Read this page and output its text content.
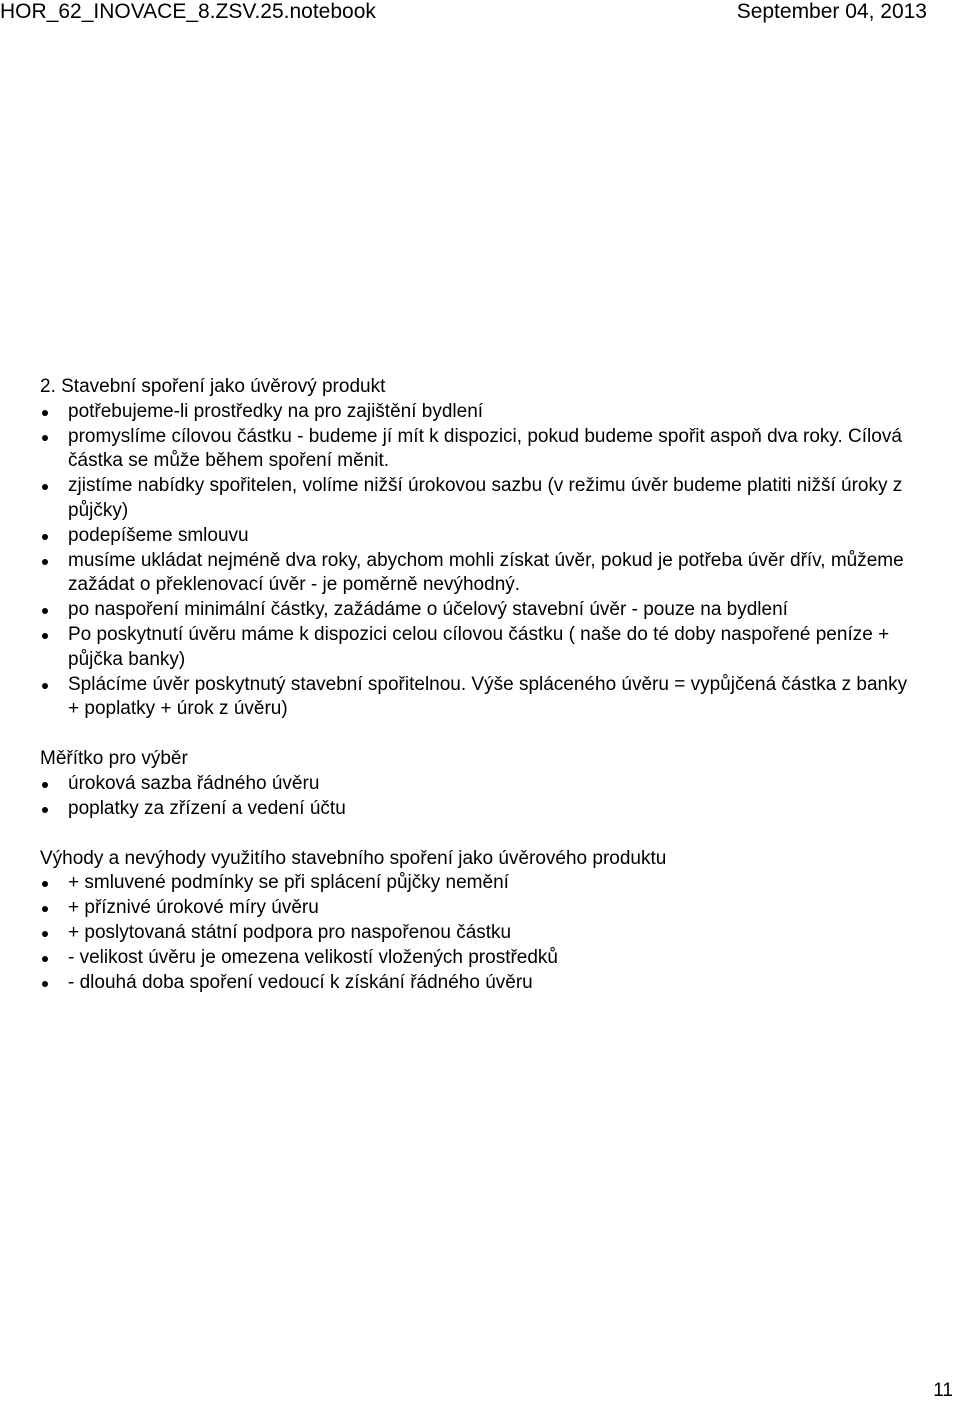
HOR_62_INOVACE_8.ZSV.25.notebook	September 04, 2013

2. Stavební spoření jako úvěrový produkt

potřebujeme-li prostředky na pro zajištění bydlení
promyslíme cílovou částku - budeme jí mít k dispozici, pokud budeme spořit aspoň dva roky. Cílová částka se může během spoření měnit.
zjistíme nabídky spořitelen, volíme nižší úrokovou sazbu (v režimu úvěr budeme platiti nižší úroky z půjčky)
podepíšeme smlouvu
musíme ukládat nejméně dva roky, abychom mohli získat úvěr, pokud je potřeba úvěr dřív, můžeme zažádat o překlenovací úvěr - je poměrně nevýhodný.
po naspoření minimální částky, zažádáme o účelový stavební úvěr - pouze na bydlení
Po poskytnutí úvěru máme k dispozici celou cílovou částku ( naše do té doby naspořené peníze + půjčka banky)
Splácíme úvěr poskytnutý stavební spořitelnou. Výše spláceného úvěru = vypůjčená částka z banky + poplatky + úrok z úvěru)

Měřítko pro výběr

úroková sazba řádného úvěru
poplatky za zřízení a vedení účtu

Výhody a nevýhody využitího stavebního spoření jako úvěrového produktu

+ smluvené podmínky se při splácení půjčky nemění
+ příznivé úrokové míry úvěru
+ poslytovaná státní podpora pro naspořenou částku
- velikost úvěru je omezena velikostí vložených prostředků
- dlouhá doba spoření vedoucí k získání řádného úvěru
11
